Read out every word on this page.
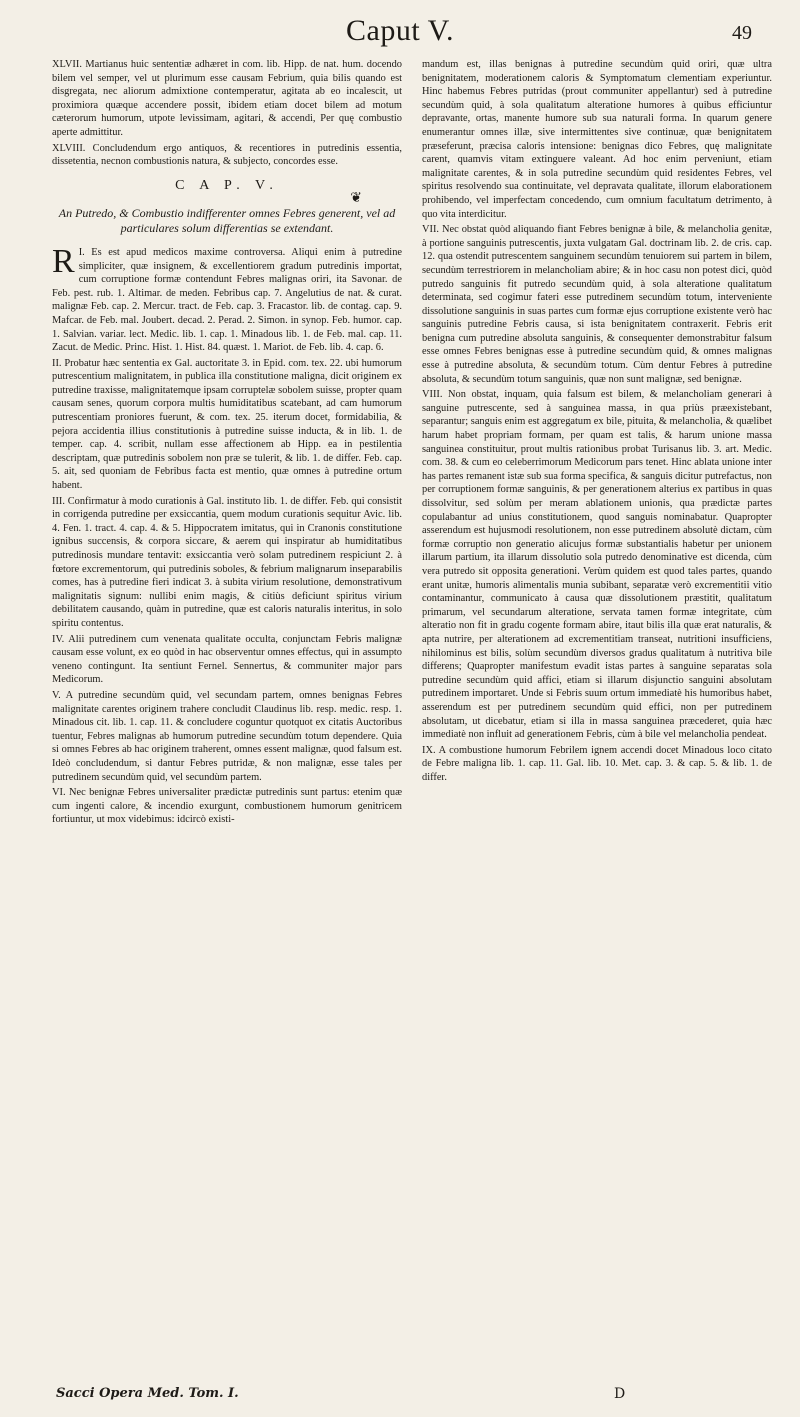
Caput V.	49

XLVII. Martianus huic sententiæ adhæret in com. lib. Hipp. de nat. hum. docendo bilem vel semper, vel ut plurimum esse causam Febrium, quia bilis quando est disgregata, nec aliorum admixtione contemperatur, agitata ab eo incalescit, ut proximiora quæque accendere possit, ibidem etiam docet bilem ad motum cæterorum humorum, utpote levissimam, agitari, & accendi, Per quę combustio aperte admittitur.

XLVIII. Concludendum ergo antiquos, & recentiores in putredinis essentia, dissetentia, necnon combustionis natura, & subjecto, concordes esse.

C A P. V.
❦
An Putredo, & Combustio indifferenter omnes Febres generent, vel ad particulares solum differentias se extendant.

R I. Es est apud medicos maxime controversa. Aliqui enim à putredine simpliciter, quæ insignem, & excellentiorem gradum putredinis importat, cum corruptione formæ contendunt Febres malignas oriri, ita Savonar. de Feb. pest. rub. 1. Altimar. de meden. Febribus cap. 7. Angelutius de nat. & curat. malignæ Feb. cap. 2. Mercur. tract. de Feb. cap. 3. Fracastor. lib. de contag. cap. 9. Mafcar. de Feb. mal. Joubert. decad. 2. Perad. 2. Simon. in synop. Feb. humor. cap. 1. Salvian. variar. lect. Medic. lib. 1. cap. 1. Minadous lib. 1. de Feb. mal. cap. 11. Zacut. de Medic. Princ. Hist. 1. Hist. 84. quæst. 1. Mariot. de Feb. lib. 4. cap. 6.

II. Probatur hæc sententia ex Gal. auctoritate 3. in Epid. com. tex. 22. ubi humorum putrescentium malignitatem, in publica illa constitutione maligna, dicit originem ex putredine traxisse, malignitatemque ipsam corruptelæ sobolem suisse, propter quam causam senes, quorum corpora multis humiditatibus scatebant, ad cam humorum putrescentiam proniores fuerunt, & com. tex. 25. iterum docet, formidabilia, & pejora accidentia illius constitutionis à putredine suisse inducta, & in lib. 1. de temper. cap. 4. scribit, nullam esse affectionem ab Hipp. ea in pestilentia descriptam, quæ putredinis sobolem non præ se tulerit, & lib. 1. de differ. Feb. cap. 5. ait, sed quoniam de Febribus facta est mentio, quæ omnes à putredine ortum habent.

III. Confirmatur à modo curationis à Gal. instituto lib. 1. de differ. Feb. qui consistit in corrigenda putredine per exsiccantia, quem modum curationis sequitur Avic. lib. 4. Fen. 1. tract. 4. cap. 4. & 5. Hippocratem imitatus, qui in Cranonis constitutione ignibus succensis, & corpora siccare, & aerem qui inspiratur ab humiditatibus putredinosis mundare tentavit: exsiccantia verò solam putredinem respiciunt 2. à fœtore excrementorum, qui putredinis soboles, & febrium malignarum inseparabilis comes, has à putredine fieri indicat 3. à subita virium resolutione, demonstrativum malignitatis signum: nullibi enim magis, & citiùs deficiunt spiritus virium debilitatem causando, quàm in putredine, quæ est caloris naturalis interitus, in solo spiritu contentus.

IV. Alii putredinem cum venenata qualitate occulta, conjunctam Febris malignæ causam esse volunt, ex eo quòd in hac observentur omnes effectus, qui in assumpto veneno contingunt. Ita sentiunt Fernel. Sennertus, & communiter major pars Medicorum.

V. A putredine secundùm quid, vel secundam partem, omnes benignas Febres malignitate carentes originem trahere concludit Claudinus lib. resp. medic. resp. 1. Minadous cit. lib. 1. cap. 11. & concludere coguntur quotquot ex citatis Auctoribus tuentur, Febres malignas ab humorum putredine secundùm totum dependere. Quia si omnes Febres ab hac originem traherent, omnes essent malignæ, quod falsum est. Ideò concludendum, si dantur Febres putridæ, & non malignæ, esse tales per putredinem secundùm quid, vel secundùm partem.

VI. Nec benignæ Febres universaliter prædictæ putredinis sunt partus: etenim quæ cum ingenti calore, & incendio exurgunt, combustionem humorum genitricem fortiuntur, ut mox videbimus: idcircò existi-

mandum est, illas benignas à putredine secundùm quid oriri, quæ ultra benignitatem, moderationem caloris & Symptomatum clementiam experiuntur. Hinc habemus Febres putridas (prout communiter appellantur) sed à putredine secundùm quid, à sola qualitatum alteratione humores à quibus efficiuntur depravante, ortas, manente humore sub sua naturali forma. In quarum genere enumerantur omnes illæ, sive intermittentes sive continuæ, quæ benignitatem præseferunt, præcisa caloris intensione: benignas dico Febres, quę malignitate carent, quamvis vitam extinguere valeant. Ad hoc enim perveniunt, etiam malignitate carentes, & in sola putredine secundùm quid residentes Febres, vel spiritus resolvendo sua continuitate, vel depravata qualitate, illorum elaborationem prohibendo, vel imperfectam concedendo, cum omnium facultatum detrimento, à quo vita interdicitur.

VII. Nec obstat quòd aliquando fiant Febres benignæ à bile, & melancholia genitæ, à portione sanguinis putrescentis, juxta vulgatam Gal. doctrinam lib. 2. de cris. cap. 12. qua ostendit putrescentem sanguinem secundùm tenuiorem sui partem in bilem, secundùm terrestriorem in melancholiam abire; & in hoc casu non potest dici, quòd putredo sanguinis fit putredo secundùm quid, à sola alteratione qualitatum determinata, sed cogimur fateri esse putredinem secundùm totum, interveniente dissolutione sanguinis in suas partes cum formæ ejus corruptione existente verò hac sanguinis putredine Febris causa, si ista benignitatem contraxerit. Febris erit benigna cum putredine absoluta sanguinis, & consequenter demonstrabitur falsum esse omnes Febres benignas esse à putredine secundùm quid, & omnes malignas esse à putredine absoluta, & secundùm totum. Cùm dentur Febres à putredine absoluta, & secundùm totum sanguinis, quæ non sunt malignæ, sed benignæ.

VIII. Non obstat, inquam, quia falsum est bilem, & melancholiam generari à sanguine putrescente, sed à sanguinea massa, in qua priùs præexistebant, separantur; sanguis enim est aggregatum ex bile, pituita, & melancholia, & quælibet harum habet propriam formam, per quam est talis, & harum unione massa sanguinea constituitur, prout multis rationibus probat Turisanus lib. 3. art. Medic. com. 38. & cum eo celeberrimorum Medicorum pars tenet. Hinc ablata unione inter has partes remanent istæ sub sua forma specifica, & sanguis dicitur putrefactus, non per corruptionem formæ sanguinis, & per generationem alterius ex partibus in quas dissolvitur, sed solùm per meram ablationem unionis, qua prædictæ partes copulabantur ad unius constitutionem, quod sanguis nominabatur. Quapropter asserendum est hujusmodi resolutionem, non esse putredinem absolutè dictam, cùm formæ corruptio non generatio alicujus formæ substantialis habetur per unionem illarum partium, ita illarum dissolutio sola putredo denominative est dicenda, cùm vera putredo sit opposita generationi. Verùm quidem est quod tales partes, quando erant unitæ, humoris alimentalis munia subibant, separatæ verò excrementitii vitio contaminantur, communicato à causa quæ dissolutionem præstitit, qualitatum primarum, vel secundarum alteratione, servata tamen formæ integritate, cùm alteratio non fit in gradu cogente formam abire, itaut bilis illa quæ erat naturalis, & apta nutrire, per alterationem ad excrementitiam transeat, nutritioni insufficiens, nihilominus est bilis, solùm secundùm diversos gradus qualitatum à nutritiva bile differens; Quapropter manifestum evadit istas partes à sanguine separatas sola putredine secundùm quid affici, etiam si illarum disjunctio sanguini absolutam putredinem importaret. Unde si Febris suum ortum immediatè his humoribus habet, asserendum est per putredinem secundùm quid effici, non per putredinem absolutam, ut dicebatur, etiam si illa in massa sanguinea præcederet, quia hæc immediatè non influit ad generationem Febris, cùm à bile vel melancholia pendeat.

IX. A combustione humorum Febrilem ignem accendi docet Minadous loco citato de Febre maligna lib. 1. cap. 11. Gal. lib. 10. Met. cap. 3. & cap. 5. & lib. 1. de differ.

Sacci Opera Med. Tom. I.	D
